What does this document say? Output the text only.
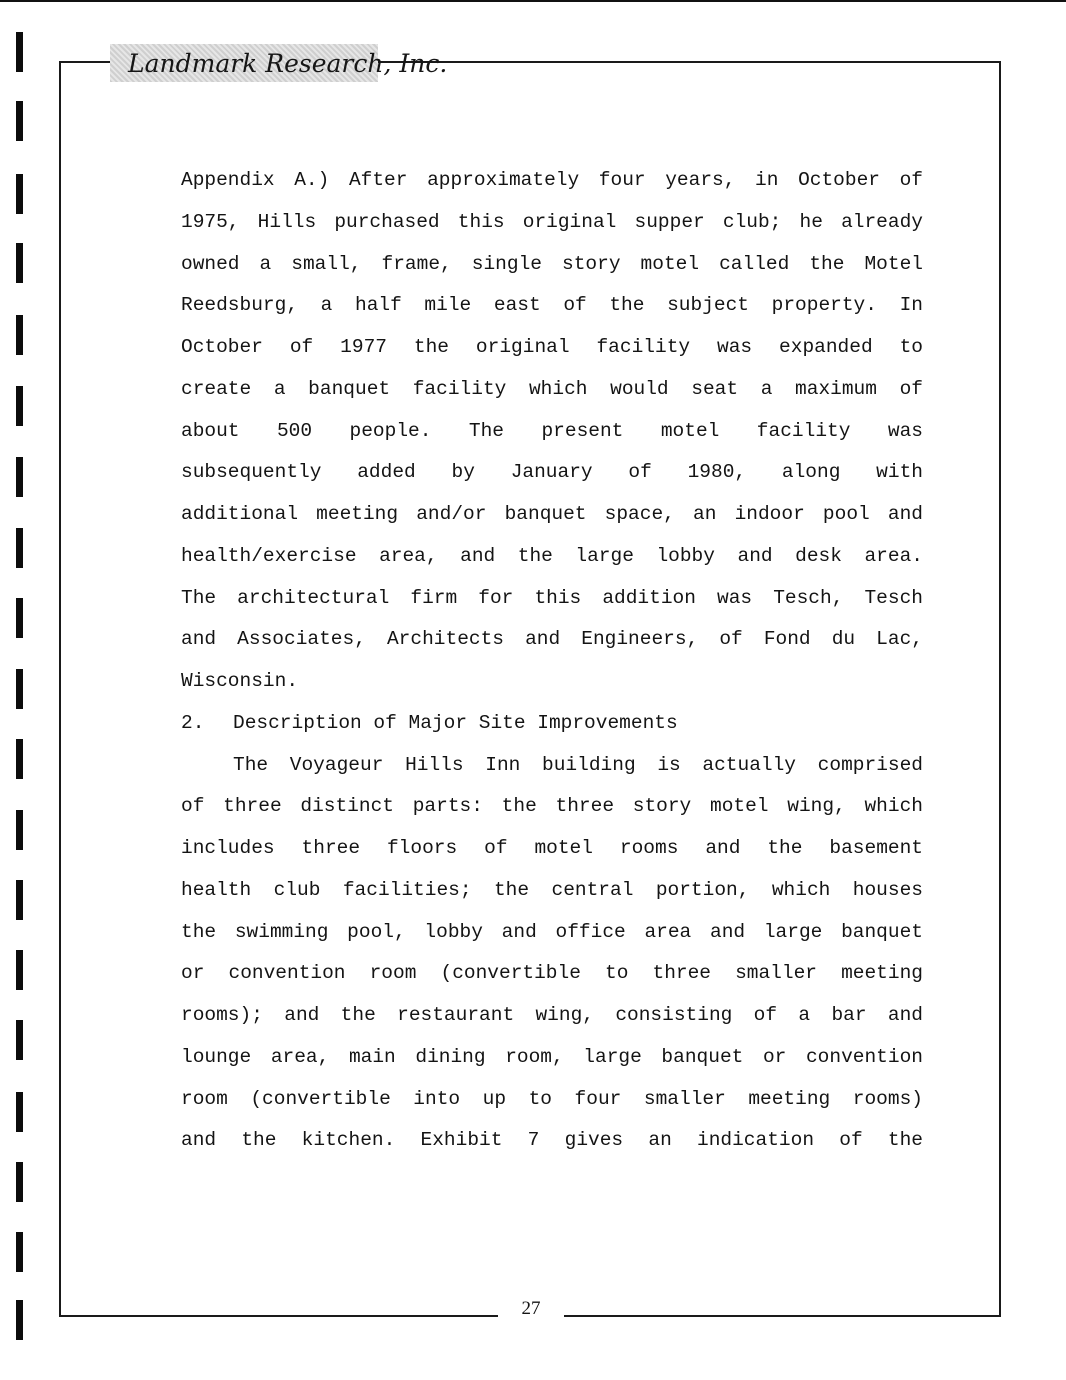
Landmark Research, Inc.
Appendix A.) After approximately four years, in October of
1975, Hills purchased this original supper club; he already
owned a small, frame, single story motel called the Motel
Reedsburg, a half mile east of the subject property. In
October of 1977 the original facility was expanded to
create a banquet facility which would seat a maximum of
about 500 people. The present motel facility was
subsequently added by January of 1980, along with
additional meeting and/or banquet space, an indoor pool and
health/exercise area, and the large lobby and desk area.
The architectural firm for this addition was Tesch, Tesch
and Associates, Architects and Engineers, of Fond du Lac,
Wisconsin.
2. Description of Major Site Improvements
The Voyageur Hills Inn building is actually comprised
of three distinct parts: the three story motel wing, which
includes three floors of motel rooms and the basement
health club facilities; the central portion, which houses
the swimming pool, lobby and office area and large banquet
or convention room (convertible to three smaller meeting
rooms); and the restaurant wing, consisting of a bar and
lounge area, main dining room, large banquet or convention
room (convertible into up to four smaller meeting rooms)
and the kitchen. Exhibit 7 gives an indication of the
27
